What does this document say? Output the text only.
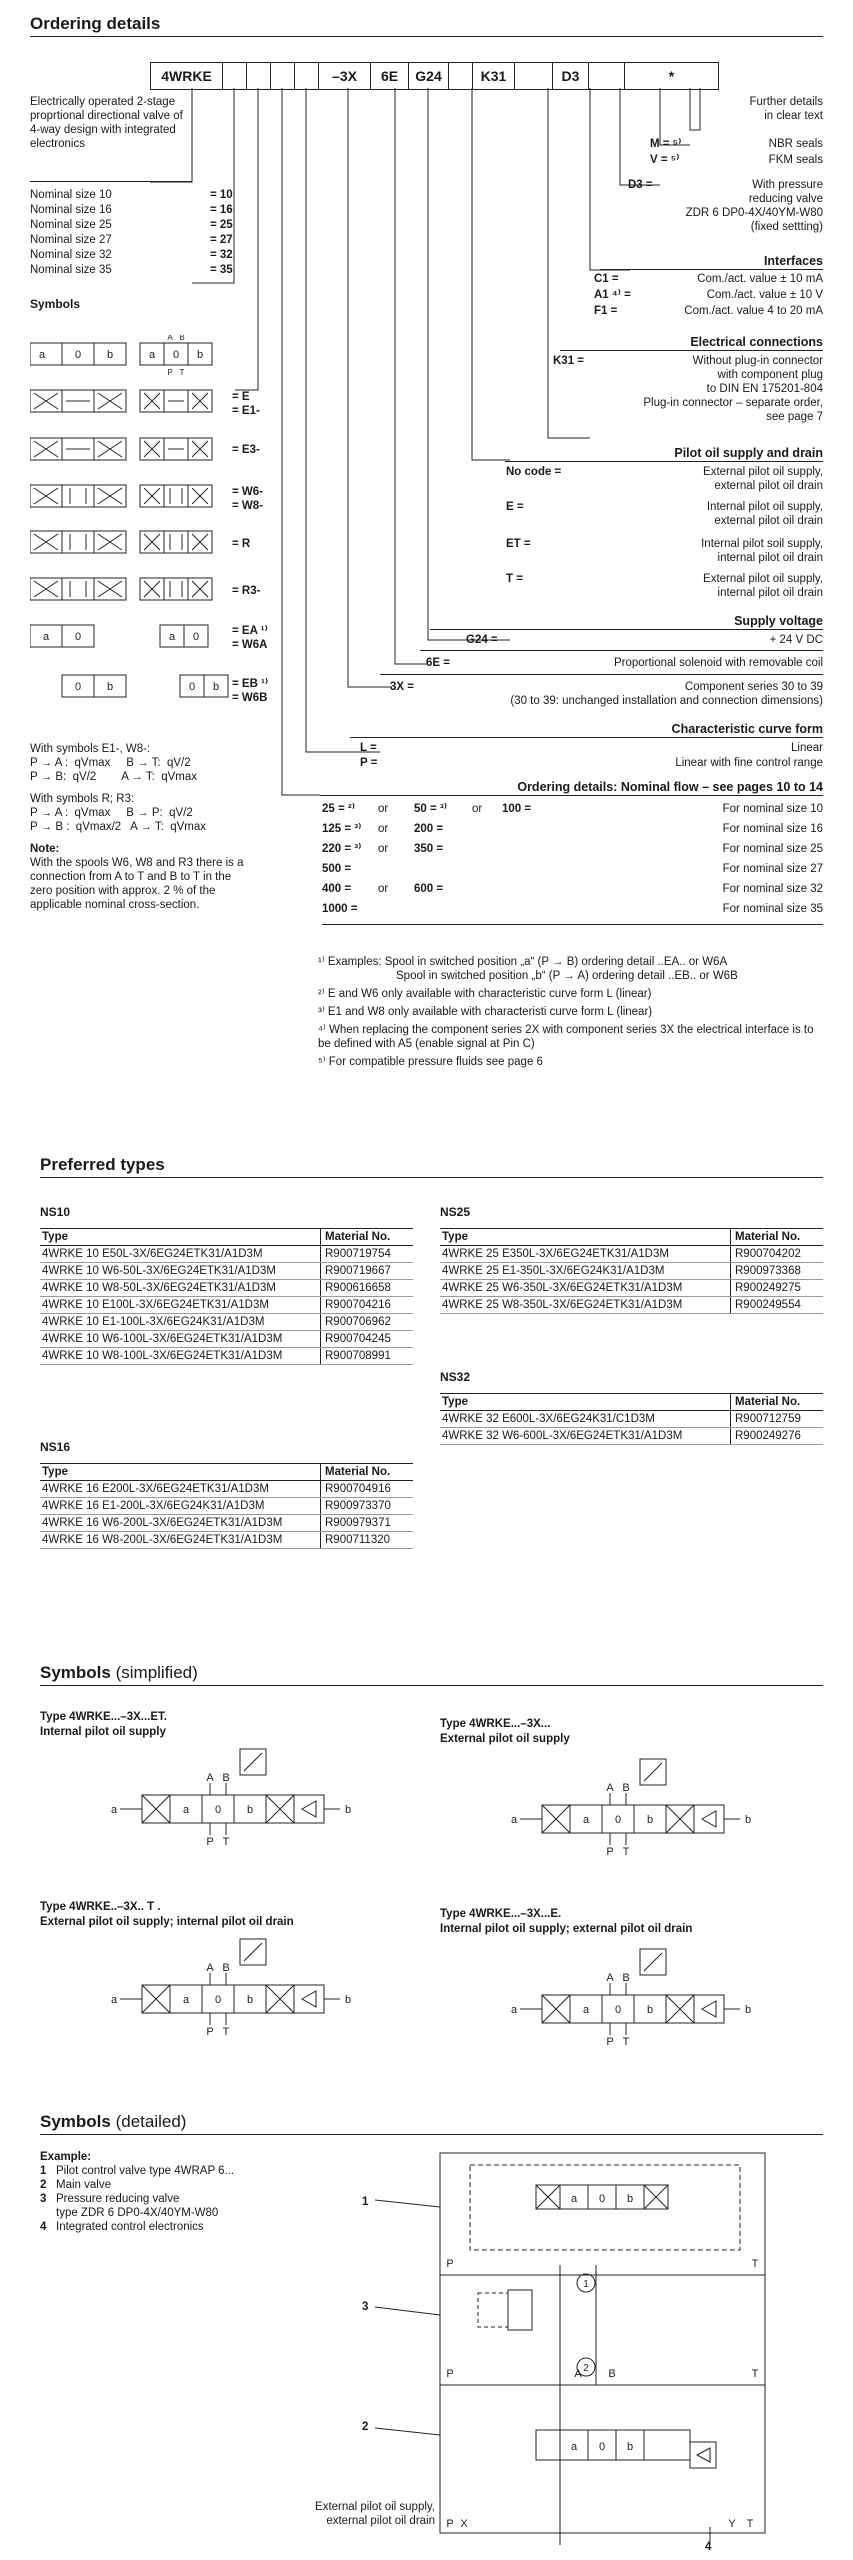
Ordering details
4WRKE	–3X	6E	G24	K31	D3	*
Further details
in clear text
Electrically operated 2-stage proprtional directional valve of 4-way design with integrated electronics
Nominal size 10	= 10
Nominal size 16	= 16
Nominal size 25	= 25
Nominal size 27	= 27
Nominal size 32	= 32
Nominal size 35	= 35
Symbols
a	0 b	a 0 b
A B
P T
a 0	a 0
0 b	0 b
= E
= E1-
= E3-
= W6-
= W8-
= R
= R3-
= EA ¹⁾
= W6A
= EB ¹⁾
= W6B
With symbols E1-, W8-:
P → A :  qVmax     B → T:  qV/2
P → B:  qV/2        A → T:  qVmax
With symbols R; R3:
P → A :  qVmax     B → P:  qV/2
P → B :  qVmax/2   A → T:  qVmax
Note:
With the spools W6, W8 and R3 there is a connection from A to T and B to T in the zero position with approx. 2 % of the applicable nominal cross-section.
M = ⁵⁾	NBR seals
V = ⁵⁾	FKM seals
D3 =	With pressure
reducing valve
ZDR 6 DP0-4X/40YM-W80
(fixed settting)
Interfaces
C1 =	Com./act. value ± 10 mA
A1 ⁴⁾ =	Com./act. value ± 10 V
F1 =	Com./act. value 4 to 20 mA
Electrical connections
K31 =	Without plug-in connector
with component plug
to DIN EN 175201-804
Plug-in connector – separate order,
see page 7
Pilot oil supply and drain
No code =	External pilot oil supply,
external pilot oil drain
E =	Internal pilot oil supply,
external pilot oil drain
ET =	Internal pilot soil supply,
internal pilot oil drain
T =	External pilot oil supply,
internal pilot oil drain
Supply voltage
G24 =	+ 24 V DC
6E =	Proportional solenoid with removable coil
3X =	Component series 30 to 39
(30 to 39: unchanged installation and connection dimensions)
Characteristic curve form
L =	Linear
P =	Linear with fine control range
Ordering details: Nominal flow – see pages 10 to 14
25 = ²⁾ or 50 = ³⁾ or 100 =	For nominal size 10
125 = ³⁾ or 200 =	For nominal size 16
220 = ³⁾ or 350 =	For nominal size 25
500 =	For nominal size 27
400 = or 600 =	For nominal size 32
1000 =	For nominal size 35
¹⁾ Examples: Spool in switched position „a“ (P → B) ordering detail ..EA.. or W6A
Spool in switched position „b“ (P → A) ordering detail ..EB.. or W6B
²⁾ E and W6 only available with characteristic curve form L (linear)
³⁾ E1 and W8 only available with characteristi curve form L (linear)
⁴⁾ When replacing the component series 2X with component series 3X the electrical interface is to be defined with A5 (enable signal at Pin C)
⁵⁾ For compatible pressure fluids see page 6
Preferred types
NS10
Type	Material No.
4WRKE 10 E50L-3X/6EG24ETK31/A1D3M	R900719754
4WRKE 10 W6-50L-3X/6EG24ETK31/A1D3M	R900719667
4WRKE 10 W8-50L-3X/6EG24ETK31/A1D3M	R900616658
4WRKE 10 E100L-3X/6EG24ETK31/A1D3M	R900704216
4WRKE 10 E1-100L-3X/6EG24K31/A1D3M	R900706962
4WRKE 10 W6-100L-3X/6EG24ETK31/A1D3M	R900704245
4WRKE 10 W8-100L-3X/6EG24ETK31/A1D3M	R900708991
NS16
Type	Material No.
4WRKE 16 E200L-3X/6EG24ETK31/A1D3M	R900704916
4WRKE 16 E1-200L-3X/6EG24K31/A1D3M	R900973370
4WRKE 16 W6-200L-3X/6EG24ETK31/A1D3M	R900979371
4WRKE 16 W8-200L-3X/6EG24ETK31/A1D3M	R900711320
NS25
Type	Material No.
4WRKE 25 E350L-3X/6EG24ETK31/A1D3M	R900704202
4WRKE 25 E1-350L-3X/6EG24K31/A1D3M	R900973368
4WRKE 25 W6-350L-3X/6EG24ETK31/A1D3M	R900249275
4WRKE 25 W8-350L-3X/6EG24ETK31/A1D3M	R900249554
NS32
Type	Material No.
4WRKE 32 E600L-3X/6EG24K31/C1D3M	R900712759
4WRKE 32 W6-600L-3X/6EG24ETK31/A1D3M	R900249276
Symbols (simplified)
Type 4WRKE...–3X...ET.
Internal pilot oil supply
Type 4WRKE...–3X...
External pilot oil supply
Type 4WRKE..–3X.. T .
External pilot oil supply; internal pilot oil drain
Type 4WRKE...–3X...E.
Internal pilot oil supply; external pilot oil drain
a 0 b
a	b
A B
P T
a 0 b
a	b
A B
P T
a 0 b
a	b
A B
P T
a 0 b
a	b
A B
P T
Symbols (detailed)
Example:
1 Pilot control valve type 4WRAP 6...
2 Main valve
3 Pressure reducing valve
type ZDR 6 DP0-4X/40YM-W80
4 Integrated control electronics
1
3
2
4
External pilot oil supply,
external pilot oil drain
a 0 b
a 0 b
1
2
P	T
P	A B	T
P X	Y T
